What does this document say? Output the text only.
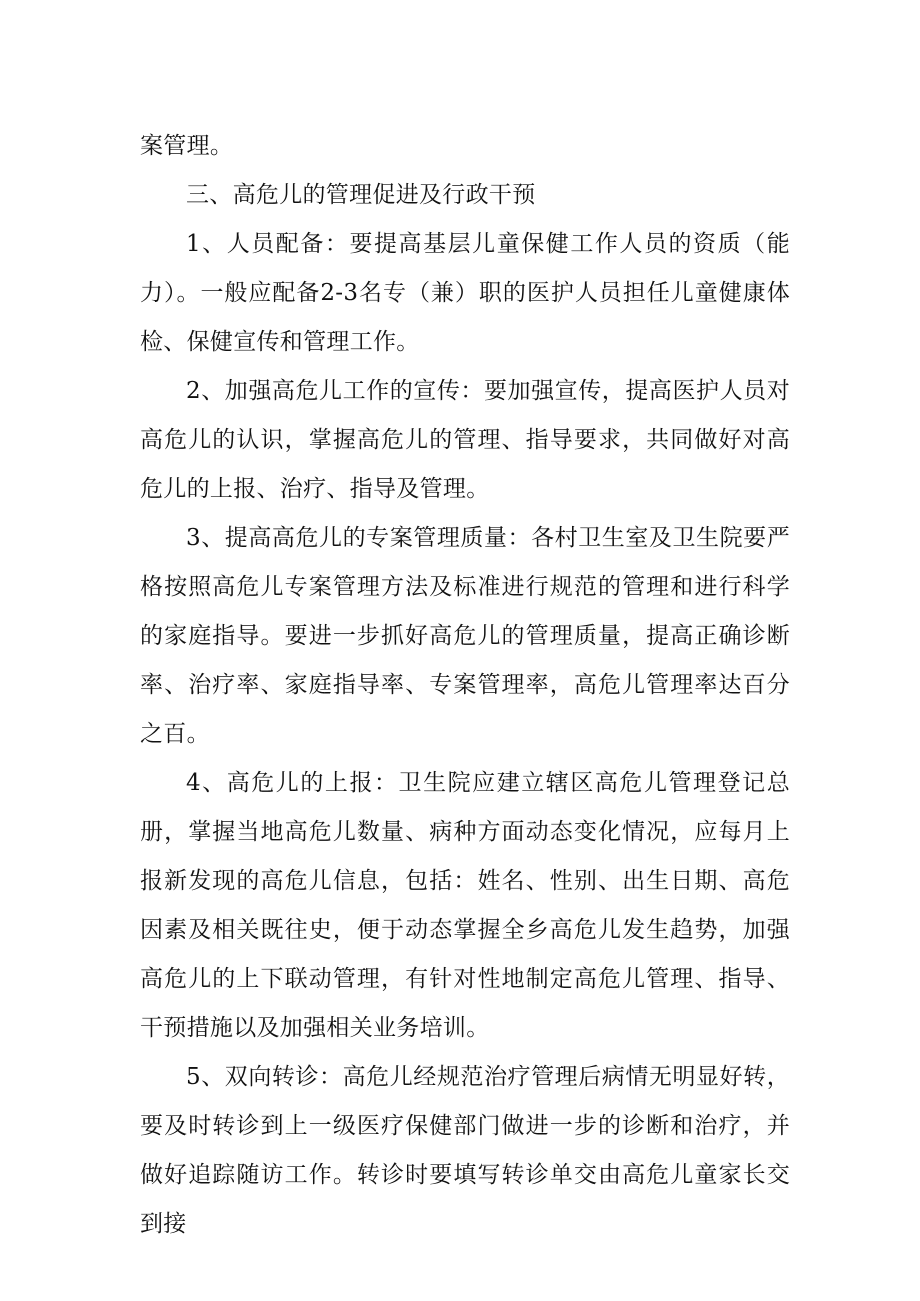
案管理。

三、高危儿的管理促进及行政干预

1、人员配备：要提高基层儿童保健工作人员的资质（能力）。一般应配备2-3名专（兼）职的医护人员担任儿童健康体检、保健宣传和管理工作。

2、加强高危儿工作的宣传：要加强宣传，提高医护人员对高危儿的认识，掌握高危儿的管理、指导要求，共同做好对高危儿的上报、治疗、指导及管理。

3、提高高危儿的专案管理质量：各村卫生室及卫生院要严格按照高危儿专案管理方法及标准进行规范的管理和进行科学的家庭指导。要进一步抓好高危儿的管理质量，提高正确诊断率、治疗率、家庭指导率、专案管理率，高危儿管理率达百分之百。

4、高危儿的上报：卫生院应建立辖区高危儿管理登记总册，掌握当地高危儿数量、病种方面动态变化情况，应每月上报新发现的高危儿信息，包括：姓名、性别、出生日期、高危因素及相关既往史，便于动态掌握全乡高危儿发生趋势，加强高危儿的上下联动管理，有针对性地制定高危儿管理、指导、干预措施以及加强相关业务培训。

5、双向转诊：高危儿经规范治疗管理后病情无明显好转，要及时转诊到上一级医疗保健部门做进一步的诊断和治疗，并做好追踪随访工作。转诊时要填写转诊单交由高危儿童家长交到接
